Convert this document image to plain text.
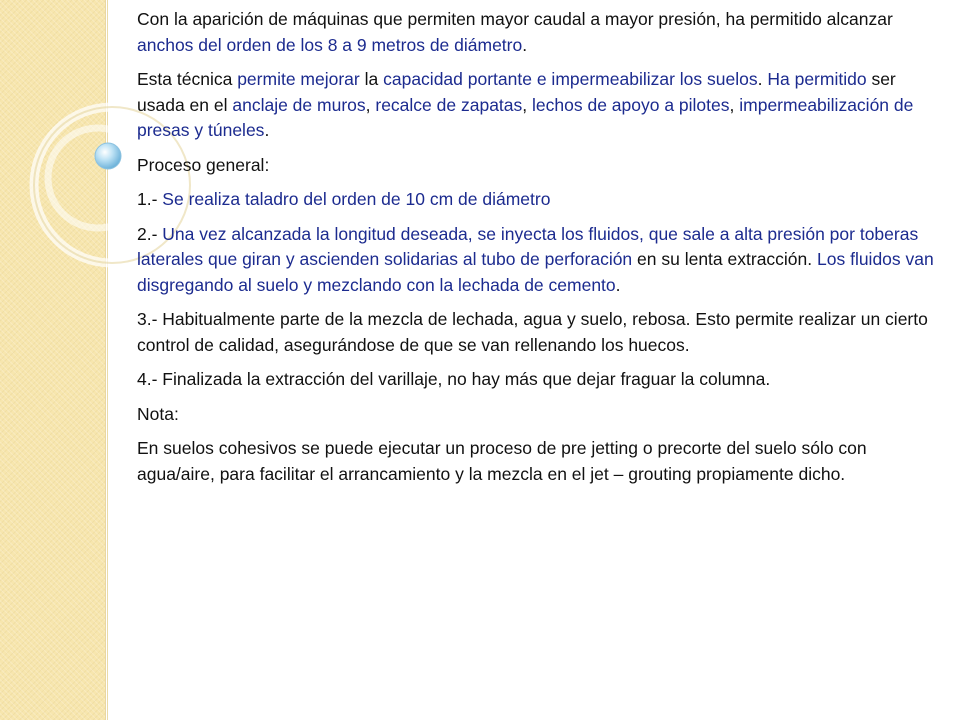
Con la aparición de máquinas que permiten mayor caudal a mayor presión, ha permitido alcanzar anchos del orden de los 8 a 9 metros de diámetro.

Esta técnica permite mejorar la capacidad portante e impermeabilizar los suelos. Ha permitido ser usada en el anclaje de muros, recalce de zapatas, lechos de apoyo a pilotes, impermeabilización de presas y túneles.

Proceso general:

1.- Se realiza taladro del orden de 10 cm de diámetro

2.- Una vez alcanzada la longitud deseada, se inyecta los fluidos, que sale a alta presión por toberas laterales que giran y ascienden solidarias al tubo de perforación en su lenta extracción. Los fluidos van disgregando al suelo y mezclando con la lechada de cemento.

3.- Habitualmente parte de la mezcla de lechada, agua y suelo, rebosa. Esto permite realizar un cierto control de calidad, asegurándose de que se van rellenando los huecos.

4.- Finalizada la extracción del varillaje, no hay más que dejar fraguar la columna.

Nota:

En suelos cohesivos se puede ejecutar un proceso de pre jetting o precorte del suelo sólo con agua/aire, para facilitar el arrancamiento y la mezcla en el jet – grouting propiamente dicho.
